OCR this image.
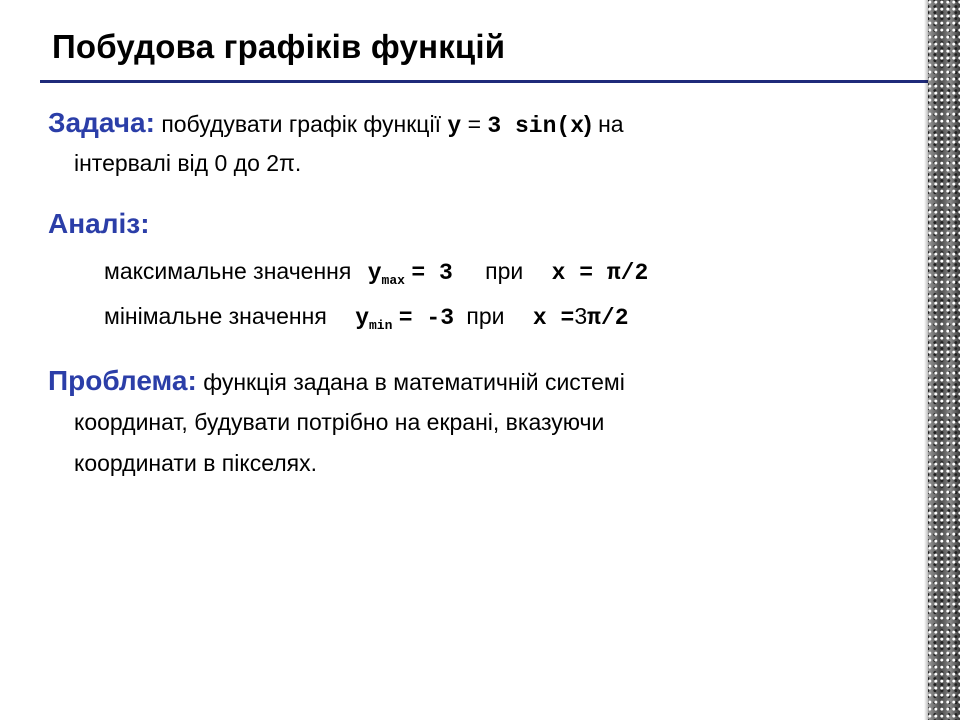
Побудова графіків функцій
Задача: побудувати графік функції y = 3 sin(x) на
інтервалі від 0 до 2π.
Аналіз:
максимальне значення $y_{max} = 3$ при x = π/2
мінімальне значення $y_{min} = -3$ при x =3π/2
Проблема: функція задана в математичній системі
координат, будувати потрібно на екрані, вказуючи
координати в пікселях.
